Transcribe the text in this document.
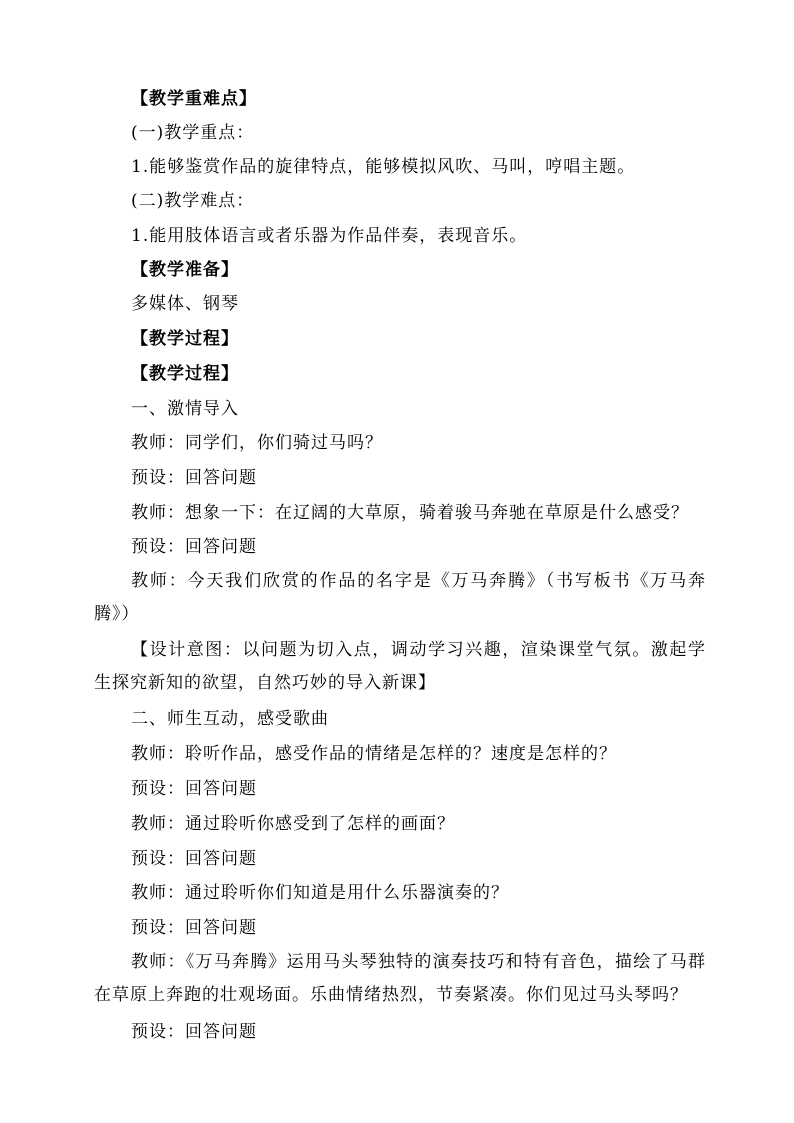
【教学重难点】
(一)教学重点：
1.能够鉴赏作品的旋律特点，能够模拟风吹、马叫，哼唱主题。
(二)教学难点：
1.能用肢体语言或者乐器为作品伴奏，表现音乐。
【教学准备】
多媒体、钢琴
【教学过程】
【教学过程】
一、激情导入
教师：同学们，你们骑过马吗？
预设：回答问题
教师：想象一下：在辽阔的大草原，骑着骏马奔驰在草原是什么感受？
预设：回答问题
教师：今天我们欣赏的作品的名字是《万马奔腾》（书写板书《万马奔腾》）
【设计意图：以问题为切入点，调动学习兴趣，渲染课堂气氛。激起学生探究新知的欲望，自然巧妙的导入新课】
二、师生互动，感受歌曲
教师：聆听作品，感受作品的情绪是怎样的？速度是怎样的？
预设：回答问题
教师：通过聆听你感受到了怎样的画面？
预设：回答问题
教师：通过聆听你们知道是用什么乐器演奏的？
预设：回答问题
教师：《万马奔腾》运用马头琴独特的演奏技巧和特有音色，描绘了马群在草原上奔跑的壮观场面。乐曲情绪热烈，节奏紧凑。你们见过马头琴吗？
预设：回答问题
